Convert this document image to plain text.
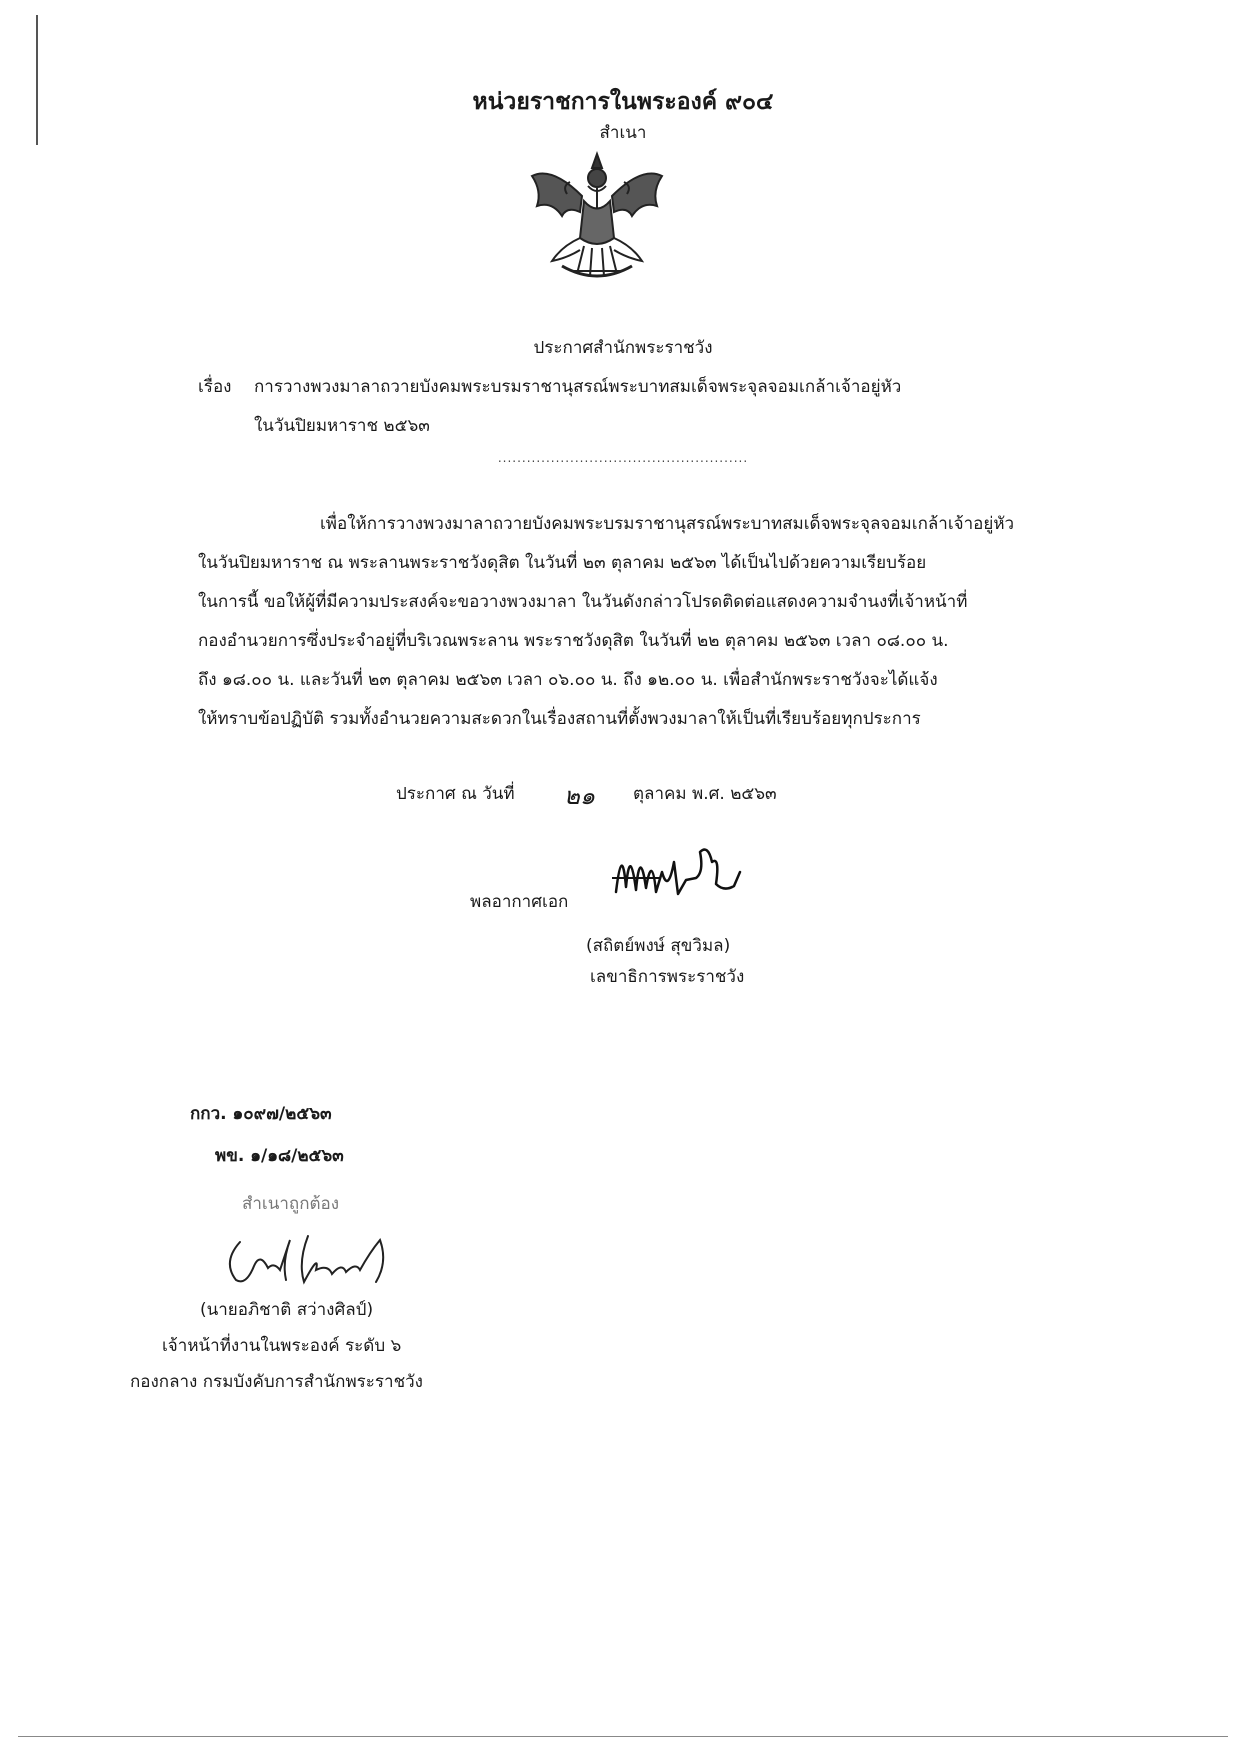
หน่วยราชการในพระองค์ ๙๐๔
สำเนา
ประกาศสำนักพระราชวัง
เรื่อง การวางพวงมาลาถวายบังคมพระบรมราชานุสรณ์พระบาทสมเด็จพระจุลจอมเกล้าเจ้าอยู่หัว
ในวันปิยมหาราช ๒๕๖๓
....................................................
เพื่อให้การวางพวงมาลาถวายบังคมพระบรมราชานุสรณ์พระบาทสมเด็จพระจุลจอมเกล้าเจ้าอยู่หัว
ในวันปิยมหาราช ณ พระลานพระราชวังดุสิต ในวันที่ ๒๓ ตุลาคม ๒๕๖๓ ได้เป็นไปด้วยความเรียบร้อย
ในการนี้ ขอให้ผู้ที่มีความประสงค์จะขอวางพวงมาลา ในวันดังกล่าวโปรดติดต่อแสดงความจำนงที่เจ้าหน้าที่
กองอำนวยการซึ่งประจำอยู่ที่บริเวณพระลาน พระราชวังดุสิต ในวันที่ ๒๒ ตุลาคม ๒๕๖๓ เวลา ๐๘.๐๐ น.
ถึง ๑๘.๐๐ น. และวันที่ ๒๓ ตุลาคม ๒๕๖๓ เวลา ๐๖.๐๐ น. ถึง ๑๒.๐๐ น. เพื่อสำนักพระราชวังจะได้แจ้ง
ให้ทราบข้อปฏิบัติ รวมทั้งอำนวยความสะดวกในเรื่องสถานที่ตั้งพวงมาลาให้เป็นที่เรียบร้อยทุกประการ
ประกาศ ณ วันที่ ๒๑ ตุลาคม พ.ศ. ๒๕๖๓
พลอากาศเอก
(สถิตย์พงษ์ สุขวิมล)
เลขาธิการพระราชวัง
กกว. ๑๐๙๗/๒๕๖๓
พข. ๑/๑๘/๒๕๖๓
สำเนาถูกต้อง
(นายอภิชาติ สว่างศิลป์)
เจ้าหน้าที่งานในพระองค์ ระดับ ๖
กองกลาง กรมบังคับการสำนักพระราชวัง
